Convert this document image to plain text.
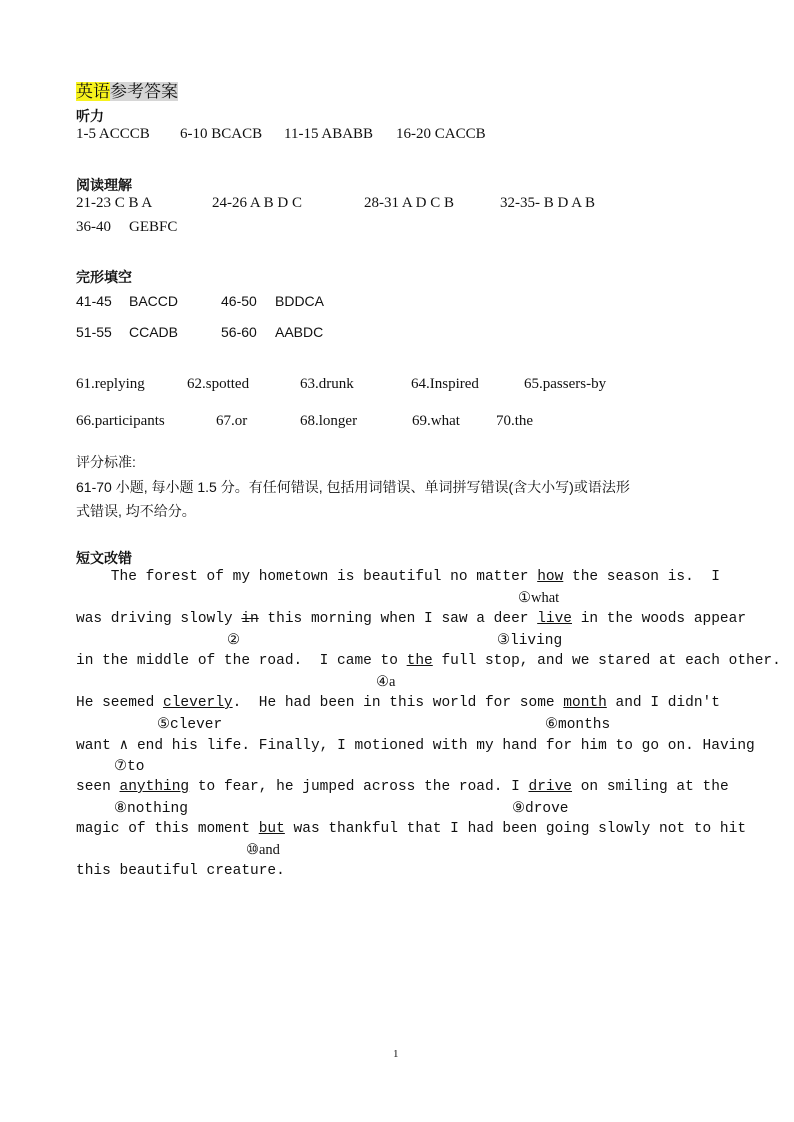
英语参考答案
听力
1-5 ACCCB 6-10 BCACB 11-15 ABABB 16-20 CACCB
阅读理解
21-23 C B A	24-26 A B D C	28-31 A D C B	32-35- B D A B
36-40 GEBFC
完形填空
41-45 BACCD	46-50 BDDCA
51-55 CCADB	56-60 AABDC
61.replying	62.spotted	63.drunk	64.Inspired	65.passers-by
66.participants	67.or	68.longer	69.what 70.the
评分标准:
61-70 小题, 每小题 1.5 分。有任何错误, 包括用词错误、单词拼写错误(含大小写)或语法形
式错误, 均不给分。
短文改错
The forest of my hometown is beautiful no matter how the season is.  I
①what
was driving slowly in this morning when I saw a deer live in the woods appear
②	③living
in the middle of the road.  I came to the full stop, and we stared at each other.
④a
He seemed cleverly.  He had been in this world for some month and I didn't
⑤clever	⑥months
want ∧ end his life. Finally, I motioned with my hand for him to go on. Having
⑦to
seen anything to fear, he jumped across the road. I drive on smiling at the
⑧nothing	⑨drove
magic of this moment but was thankful that I had been going slowly not to hit
⑩and
this beautiful creature.
1
